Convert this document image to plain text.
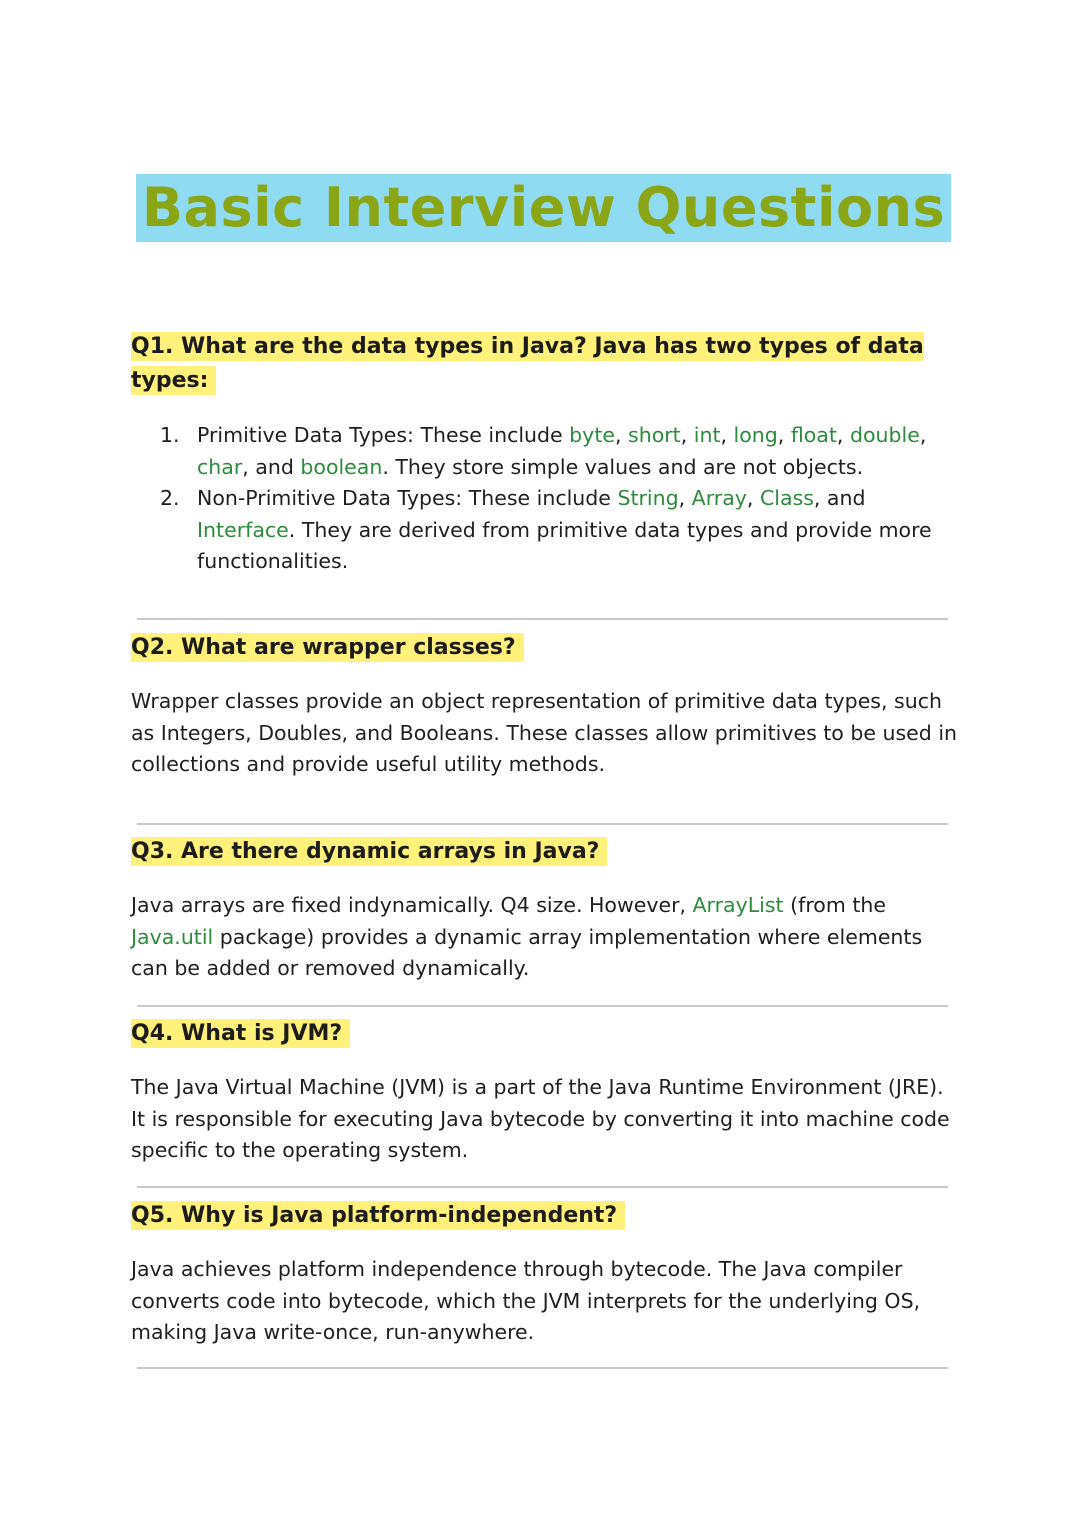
Basic Interview Questions

Q1. What are the data types in Java? Java has two types of data types:

1. Primitive Data Types: These include byte, short, int, long, float, double, char, and boolean. They store simple values and are not objects.
2. Non-Primitive Data Types: These include String, Array, Class, and Interface. They are derived from primitive data types and provide more functionalities.

Q2. What are wrapper classes?

Wrapper classes provide an object representation of primitive data types, such as Integers, Doubles, and Booleans. These classes allow primitives to be used in collections and provide useful utility methods.

Q3. Are there dynamic arrays in Java?

Java arrays are fixed indynamically. Q4 size. However, ArrayList (from the Java.util package) provides a dynamic array implementation where elements can be added or removed dynamically.

Q4. What is JVM?

The Java Virtual Machine (JVM) is a part of the Java Runtime Environment (JRE). It is responsible for executing Java bytecode by converting it into machine code specific to the operating system.

Q5. Why is Java platform-independent?

Java achieves platform independence through bytecode. The Java compiler converts code into bytecode, which the JVM interprets for the underlying OS, making Java write-once, run-anywhere.
